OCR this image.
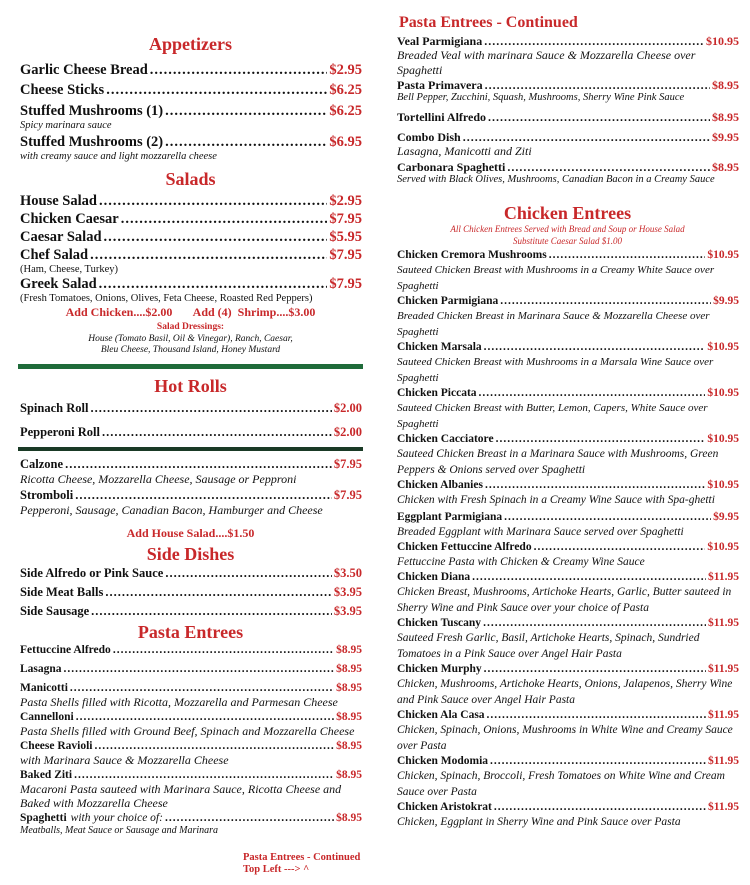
Appetizers
Garlic Cheese Bread .....	$2.95
Cheese Sticks .....	$6.25
Stuffed Mushrooms (1) .....	$6.25
Spicy marinara sauce
Stuffed Mushrooms (2) .....	$6.95
with creamy sauce and light mozzarella cheese
Salads
House Salad .....	$2.95
Chicken Caesar .....	$7.95
Caesar Salad .....	$5.95
Chef Salad .....	$7.95
(Ham, Cheese, Turkey)
Greek Salad .....	$7.95
(Fresh Tomatoes, Onions, Olives, Feta Cheese, Roasted Red Peppers)
Add Chicken....$2.00       Add (4)  Shrimp....$3.00
Salad Dressings:
House (Tomato Basil, Oil & Vinegar), Ranch, Caesar,
Bleu Cheese, Thousand Island, Honey Mustard
Hot Rolls
Spinach Roll .....	$2.00
Pepperoni Roll .....	$2.00
Calzone .....	$7.95
Ricotta Cheese, Mozzarella Cheese, Sausage or Pepproni
Stromboli .....	$7.95
Pepperoni, Sausage, Canadian Bacon, Hamburger and Cheese
Add House Salad....$1.50
Side Dishes
Side Alfredo or Pink Sauce .....	$3.50
Side Meat Balls .....	$3.95
Side Sausage .....	$3.95
Pasta Entrees
Fettuccine Alfredo .....	$8.95
Lasagna .....	$8.95
Manicotti .....	$8.95
Pasta Shells filled with Ricotta, Mozzarella and Parmesan Cheese
Cannelloni .....	$8.95
Pasta Shells filled with Ground Beef, Spinach and Mozzarella Cheese
Cheese Ravioli .....	$8.95
with Marinara Sauce & Mozzarella Cheese
Baked Ziti .....	$8.95
Macaroni Pasta sauteed with Marinara Sauce, Ricotta Cheese and Baked with Mozzarella Cheese
Spaghetti with your choice of: .....	$8.95
Meatballs, Meat Sauce or Sausage and Marinara
Pasta Entrees - Continued
Top Left ---> ^
Pasta Entrees - Continued
Veal Parmigiana .....	$10.95
Breaded Veal with marinara Sauce & Mozzarella Cheese over Spaghetti
Pasta Primavera .....	$8.95
Bell Pepper, Zucchini, Squash, Mushrooms, Sherry Wine Pink Sauce
Tortellini Alfredo .....	$8.95
Combo Dish .....	$9.95
Lasagna, Manicotti and Ziti
Carbonara Spaghetti .....	$8.95
Served with Black Olives, Mushrooms, Canadian Bacon in a Creamy Sauce
Chicken Entrees
All Chicken Entrees Served with Bread and Soup or House Salad
Substitute Caesar Salad $1.00
Chicken Cremora Mushrooms .....	$10.95
Sauteed Chicken Breast with Mushrooms in a Creamy White Sauce over Spaghetti
Chicken Parmigiana .....	$9.95
Breaded Chicken Breast in Marinara Sauce & Mozzarella Cheese over Spaghetti
Chicken Marsala .....	$10.95
Sauteed Chicken Breast with Mushrooms in a Marsala Wine Sauce over Spaghetti
Chicken Piccata .....	$10.95
Sauteed Chicken Breast with Butter, Lemon, Capers, White Sauce over Spaghetti
Chicken Cacciatore .....	$10.95
Sauteed Chicken Breast in a Marinara Sauce with Mushrooms, Green Peppers & Onions served over Spaghetti
Chicken Albanies .....	$10.95
Chicken with Fresh Spinach in a Creamy Wine Sauce with Spa-ghetti
Eggplant Parmigiana .....	$9.95
Breaded Eggplant with Marinara Sauce served over Spaghetti
Chicken Fettuccine Alfredo .....	$10.95
Fettuccine Pasta with Chicken & Creamy Wine Sauce
Chicken Diana .....	$11.95
Chicken Breast, Mushrooms, Artichoke Hearts, Garlic, Butter sauteed in Sherry Wine and Pink Sauce over your choice of Pasta
Chicken Tuscany .....	$11.95
Sauteed Fresh Garlic, Basil, Artichoke Hearts, Spinach, Sundried Tomatoes in a Pink Sauce over Angel Hair Pasta
Chicken Murphy .....	$11.95
Chicken, Mushrooms, Artichoke Hearts, Onions, Jalapenos, Sherry Wine and Pink Sauce over Angel Hair Pasta
Chicken Ala Casa .....	$11.95
Chicken, Spinach, Onions, Mushrooms in White Wine and Creamy Sauce over Pasta
Chicken Modomia .....	$11.95
Chicken, Spinach, Broccoli, Fresh Tomatoes on White Wine and Cream Sauce over Pasta
Chicken Aristokrat .....	$11.95
Chicken, Eggplant in Sherry Wine and Pink Sauce over Pasta
